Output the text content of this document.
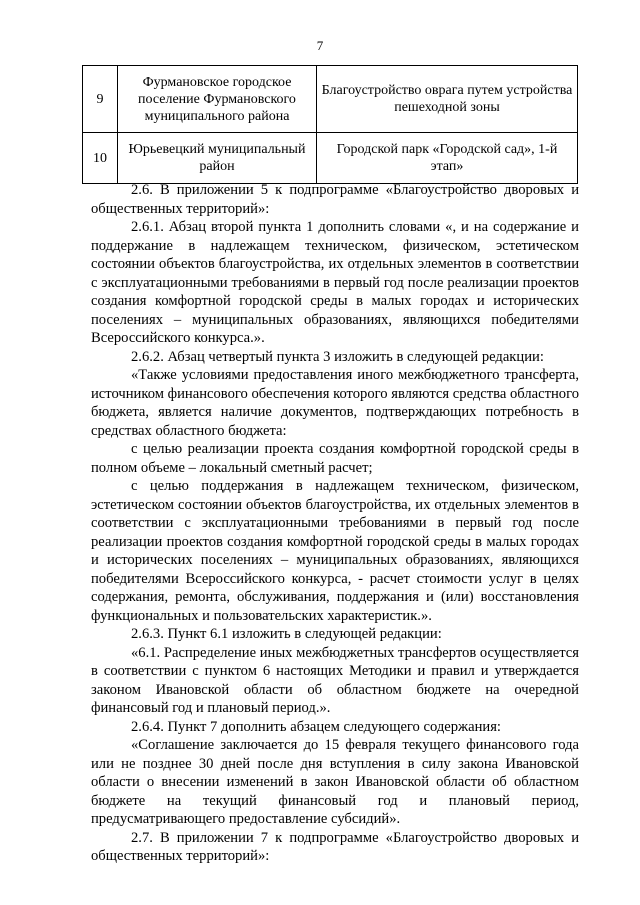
7
9	Фурмановское городское поселение Фурмановского муниципального района	Благоустройство оврага путем устройства пешеходной зоны
10	Юрьевецкий муниципальный район	Городской парк «Городской сад», 1-й этап»

2.6. В приложении 5 к подпрограмме «Благоустройство дворовых и общественных территорий»:

2.6.1. Абзац второй пункта 1 дополнить словами «, и на содержание и поддержание в надлежащем техническом, физическом, эстетическом состоянии объектов благоустройства, их отдельных элементов в соответствии с эксплуатационными требованиями в первый год после реализации проектов создания комфортной городской среды в малых городах и исторических поселениях – муниципальных образованиях, являющихся победителями Всероссийского конкурса.».

2.6.2. Абзац четвертый пункта 3 изложить в следующей редакции:

«Также условиями предоставления иного межбюджетного трансферта, источником финансового обеспечения которого являются средства областного бюджета, является наличие документов, подтверждающих потребность в средствах областного бюджета:

с целью реализации проекта создания комфортной городской среды в полном объеме – локальный сметный расчет;

с целью поддержания в надлежащем техническом, физическом, эстетическом состоянии объектов благоустройства, их отдельных элементов в соответствии с эксплуатационными требованиями в первый год после реализации проектов создания комфортной городской среды в малых городах и исторических поселениях – муниципальных образованиях, являющихся победителями Всероссийского конкурса, - расчет стоимости услуг в целях содержания, ремонта, обслуживания, поддержания и (или) восстановления функциональных и пользовательских характеристик.».

2.6.3. Пункт 6.1 изложить в следующей редакции:

«6.1. Распределение иных межбюджетных трансфертов осуществляется в соответствии с пунктом 6 настоящих Методики и правил и утверждается законом Ивановской области об областном бюджете на очередной финансовый год и плановый период.».

2.6.4. Пункт 7 дополнить абзацем следующего содержания:

«Соглашение заключается до 15 февраля текущего финансового года или не позднее 30 дней после дня вступления в силу закона Ивановской области о внесении изменений в закон Ивановской области об областном бюджете на текущий финансовый год и плановый период, предусматривающего предоставление субсидий».

2.7. В приложении 7 к подпрограмме «Благоустройство дворовых и общественных территорий»:
